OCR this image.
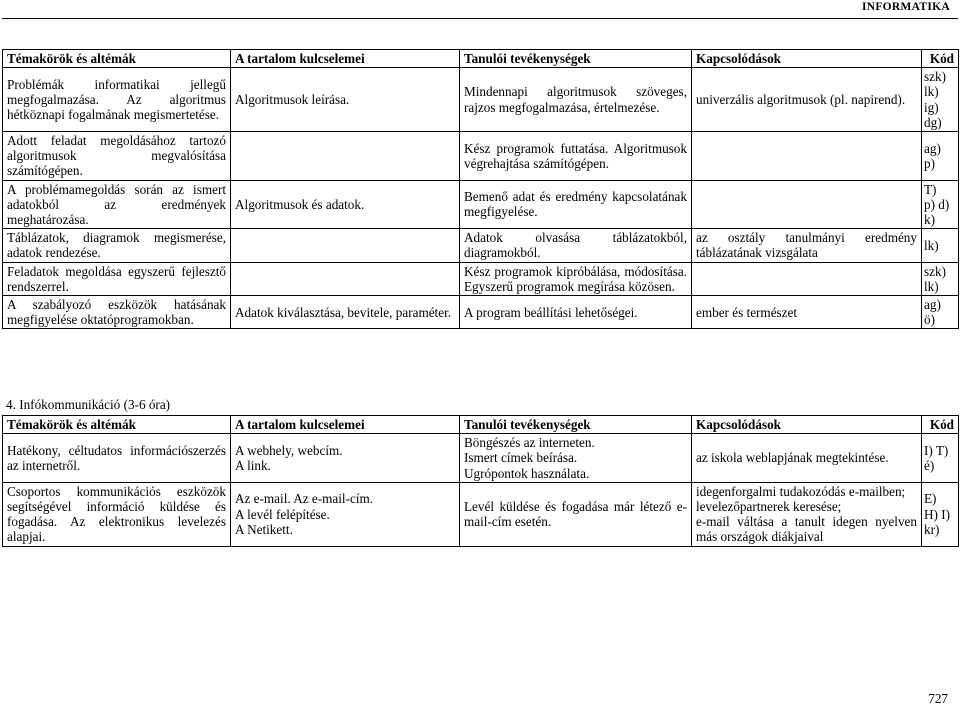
INFORMATIKA
Témakörök és altémák	A tartalom kulcselemei	Tanulói tevékenységek	Kapcsolódások	Kód
Problémák informatikai jellegű megfogalmazása. Az algoritmus hétköznapi fogalmának megismertetése.	Algoritmusok leírása.	Mindennapi algoritmusok szöveges, rajzos megfogalmazása, értelmezése.	univerzális algoritmusok (pl. napirend).	szk)
lk)
ig)
dg)

Adott feladat megoldásához tartozó algoritmusok megvalósítása számítógépen.		Kész programok futtatása. Algoritmusok végrehajtása számítógépen.		ag)
p)

A problémamegoldás során az ismert adatokból az eredmények meghatározása.	Algoritmusok és adatok.	Bemenő adat és eredmény kapcsolatának megfigyelése.		T)
p) d)
k)

Táblázatok, diagramok megismerése, adatok rendezése.		Adatok olvasása táblázatokból, diagramokból.	az osztály tanulmányi eredmény táblázatának vizsgálata	lk)

Feladatok megoldása egyszerű fejlesztő rendszerrel.		Kész programok kipróbálása, módosítása. Egyszerű programok megírása közösen.		szk)
lk)

A szabályozó eszközök hatásának megfigyelése oktatóprogramokban.	Adatok kiválasztása, bevitele, paraméter.	A program beállítási lehetőségei.	ember és természet	ag)
ö)
4. Infókommunikáció (3-6 óra)
Témakörök és altémák	A tartalom kulcselemei	Tanulói tevékenységek	Kapcsolódások	Kód
Hatékony, céltudatos információszerzés az internetről.	A webhely, webcím.
A link.	Böngészés az interneten.
Ismert címek beírása.
Ugrópontok használata.	az iskola weblapjának megtekintése.	I) T)
é)

Csoportos kommunikációs eszközök segítségével információ küldése és fogadása. Az elektronikus levelezés alapjai.	Az e-mail. Az e-mail-cím.
A levél felépítése.
A Netikett.	Levél küldése és fogadása már létező e-mail-cím esetén.	idegenforgalmi tudakozódás e-mailben;
levelezőpartnerek keresése;
e-mail váltása a tanult idegen nyelven más országok diákjaival	E)
H) I)
kr)
727
